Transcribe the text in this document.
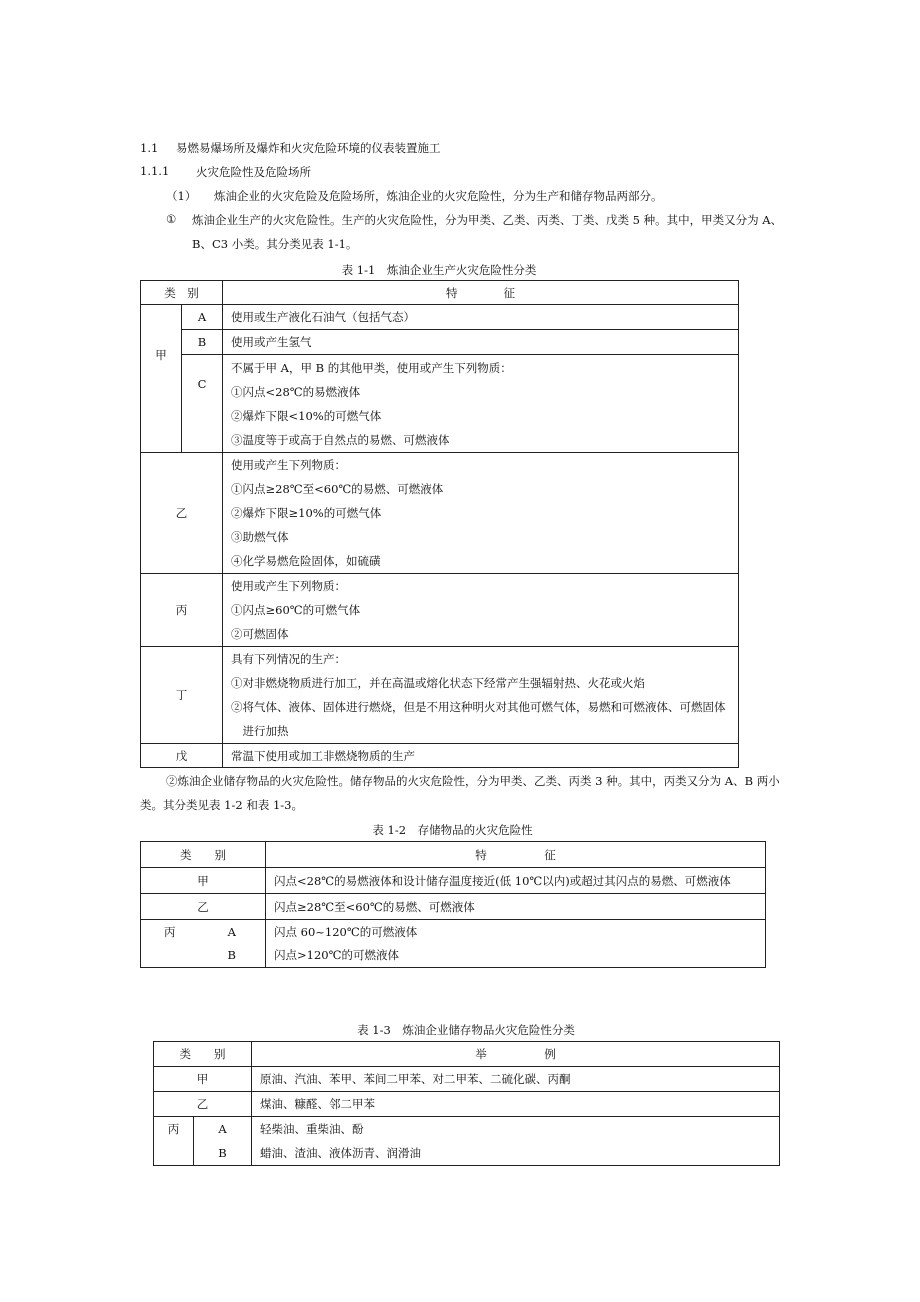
1.1 易燃易爆场所及爆炸和火灾危险环境的仪表装置施工
1.1.1 火灾危险性及危险场所
（1） 炼油企业的火灾危险及危险场所，炼油企业的火灾危险性，分为生产和储存物品两部分。
① 炼油企业生产的火灾危险性。生产的火灾危险性，分为甲类、乙类、丙类、丁类、戊类 5 种。其中，甲类又分为 A、
B、C3 小类。其分类见表 1-1。
表 1-1　炼油企业生产火灾危险性分类
类　别		特　　　　征
甲	A	使用或生产液化石油气（包括气态）
	B	使用或产生氢气
	C	不属于甲 A，甲 B 的其他甲类，使用或产生下列物质：
①闪点<28℃的易燃液体
②爆炸下限<10%的可燃气体
③温度等于或高于自然点的易燃、可燃液体

乙		使用或产生下列物质：
①闪点≥28℃至<60℃的易燃、可燃液体
②爆炸下限≥10%的可燃气体
③助燃气体
④化学易燃危险固体，如硫磺

丙		使用或产生下列物质：
①闪点≥60℃的可燃气体
②可燃固体

丁		具有下列情况的生产：
①对非燃烧物质进行加工，并在高温或熔化状态下经常产生强辐射热、火花或火焰
②将气体、液体、固体进行燃烧，但是不用这种明火对其他可燃气体，易燃和可燃液体、可燃固体
　进行加热

戊		常温下使用或加工非燃烧物质的生产
②炼油企业储存物品的火灾危险性。储存物品的火灾危险性，分为甲类、乙类、丙类 3 种。其中，丙类又分为 A、B 两小
类。其分类见表 1-2 和表 1-3。
表 1-2　存储物品的火灾危险性
类　　别		特　　　　　征
甲		闪点<28℃的易燃液体和设计储存温度接近(低 10℃以内)或超过其闪点的易燃、可燃液体
乙		闪点≥28℃至<60℃的易燃、可燃液体
丙	A	闪点 60~120℃的可燃液体
	B	闪点>120℃的可燃液体
表 1-3　炼油企业储存物品火灾危险性分类
类　　别		举　　　　　例
甲		原油、汽油、苯甲、苯间二甲苯、对二甲苯、二硫化碳、丙酮
乙		煤油、糠醛、邻二甲苯
丙	A	轻柴油、重柴油、酚
	B	蜡油、渣油、液体沥青、润滑油
